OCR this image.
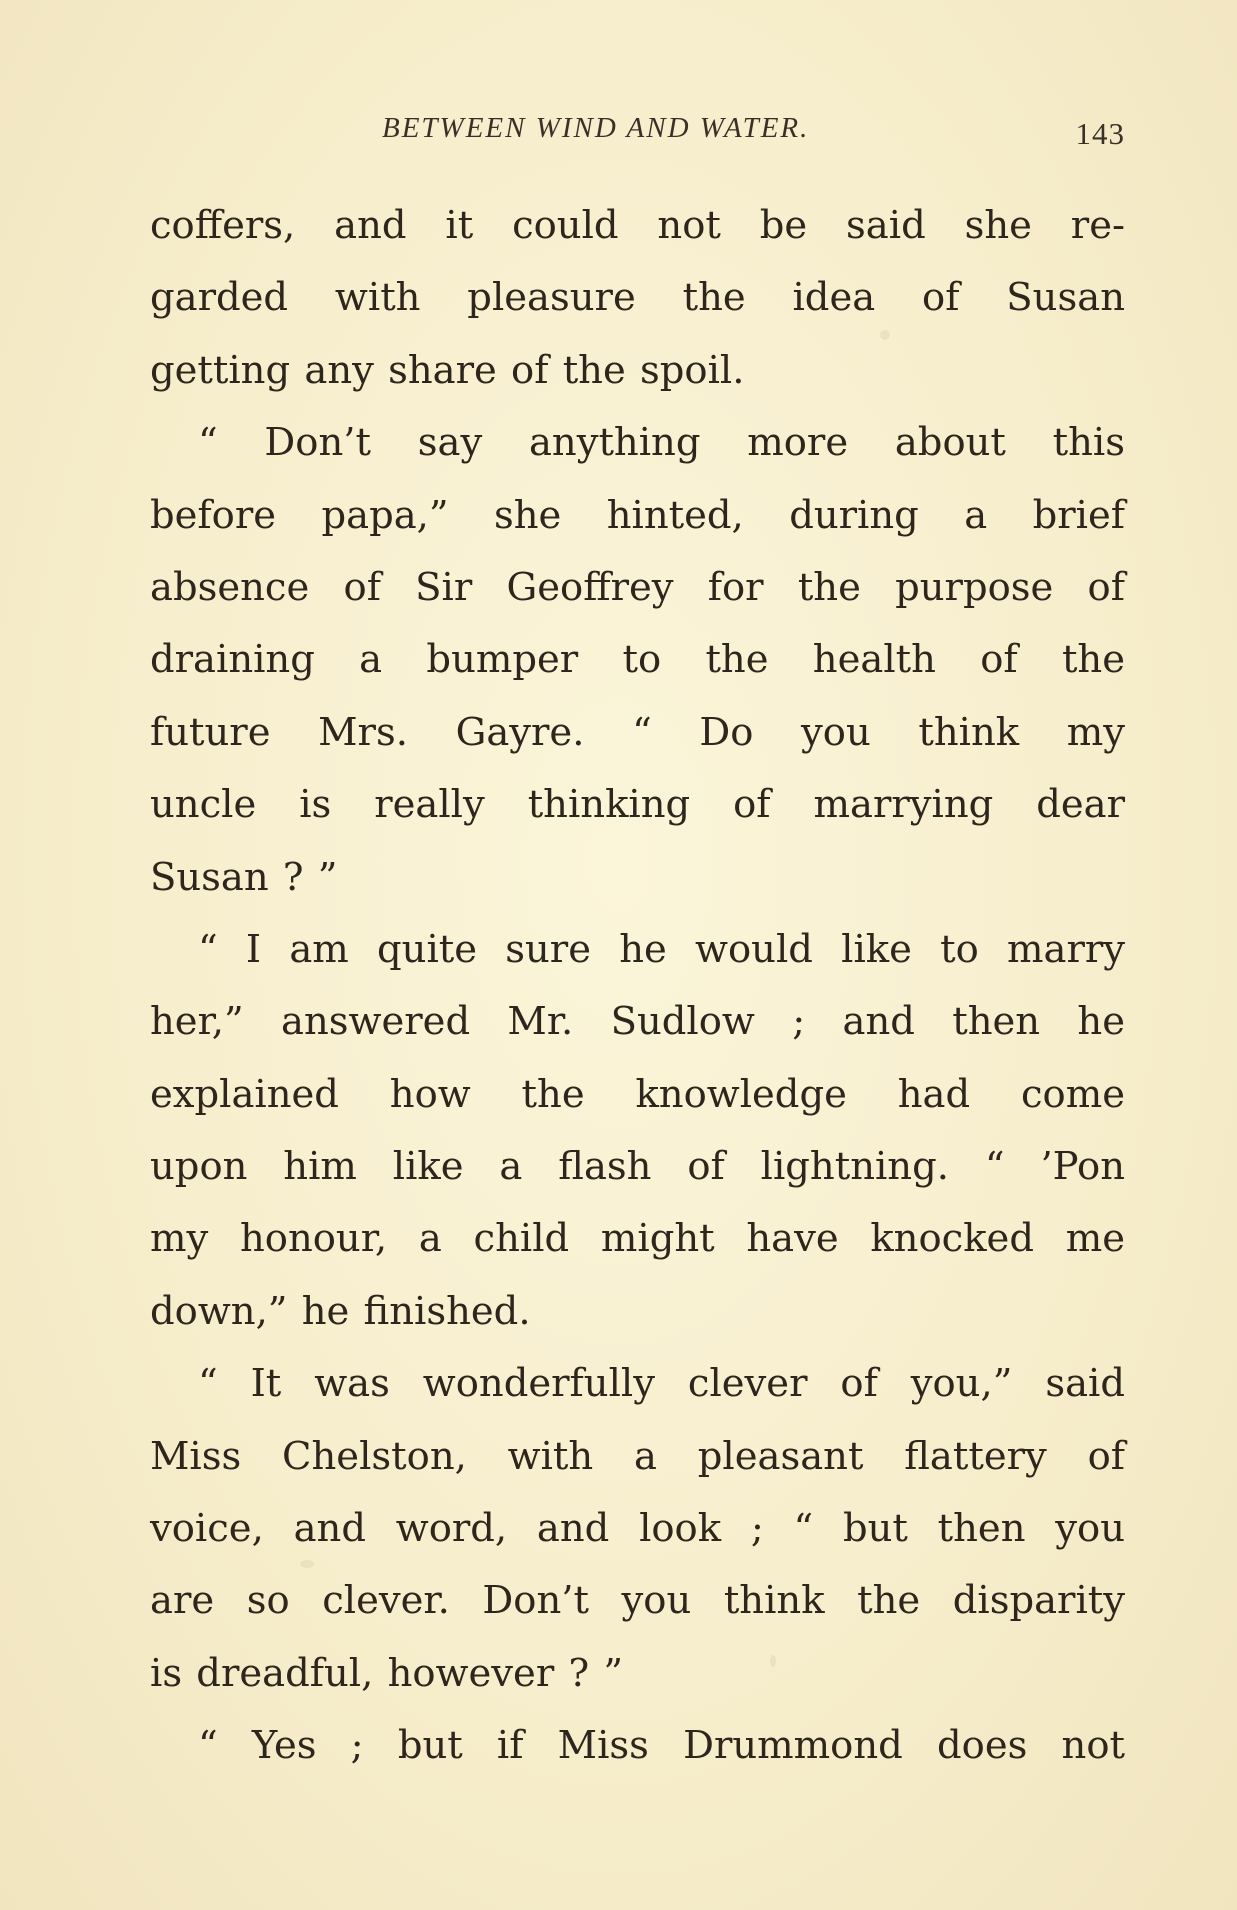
BETWEEN WIND AND WATER.	143
coffers, and it could not be said she re-
garded with pleasure the idea of Susan
getting any share of the spoil.
“ Don’t say anything more about this
before papa,” she hinted, during a brief
absence of Sir Geoffrey for the purpose of
draining a bumper to the health of the
future Mrs. Gayre. “ Do you think my
uncle is really thinking of marrying dear
Susan ? ”
“ I am quite sure he would like to marry
her,” answered Mr. Sudlow ; and then he
explained how the knowledge had come
upon him like a flash of lightning. “ ’Pon
my honour, a child might have knocked me
down,” he finished.
“ It was wonderfully clever of you,” said
Miss Chelston, with a pleasant flattery of
voice, and word, and look ; “ but then you
are so clever. Don’t you think the disparity
is dreadful, however ? ”
“ Yes ; but if Miss Drummond does not
